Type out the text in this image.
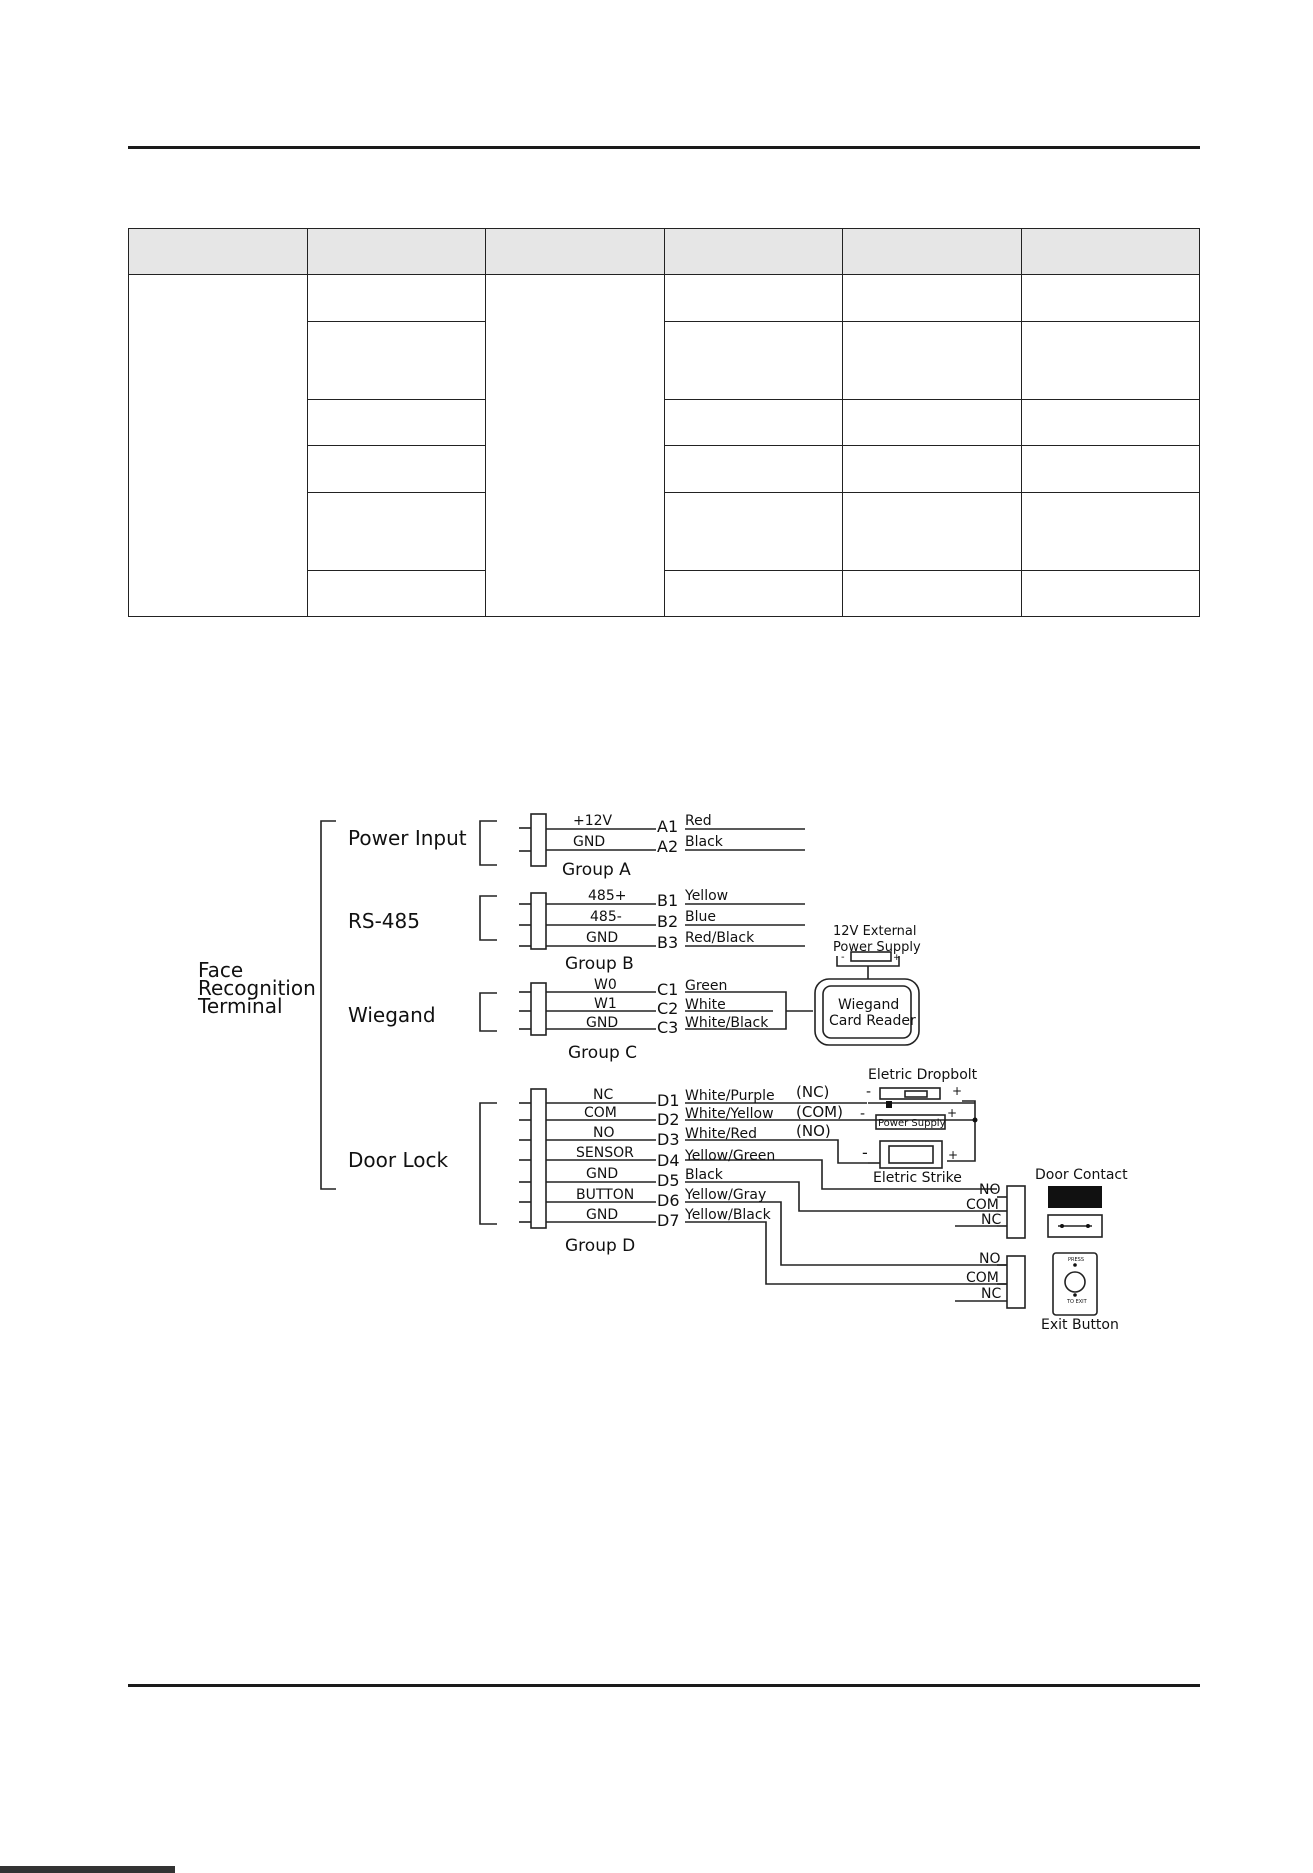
Face
Recognition
Terminal
Power Input
RS-485
Wiegand
Door Lock
Group A
Group B
Group C
Group D
+12V
GND
A1
A2
Red
Black
485+
485-
GND
B1
B2
B3
Yellow
Blue
Red/Black
W0
W1
GND
C1
C2
C3
Green
White
White/Black
NC
COM
NO
SENSOR
GND
BUTTON
GND
D1
D2
D3
D4
D5
D6
D7
White/Purple
White/Yellow
White/Red
Yellow/Green
Black
Yellow/Gray
Yellow/Black
(NC)
(COM)
(NO)
-	+
-	+
-	+
-	+
12V External
Power Supply
Wiegand
Card Reader
Eletric Dropbolt
Power Supply
Eletric Strike	Door Contact
Exit Button
NO
COM
NC
NO
COM
NC
PRESS
TO EXIT
